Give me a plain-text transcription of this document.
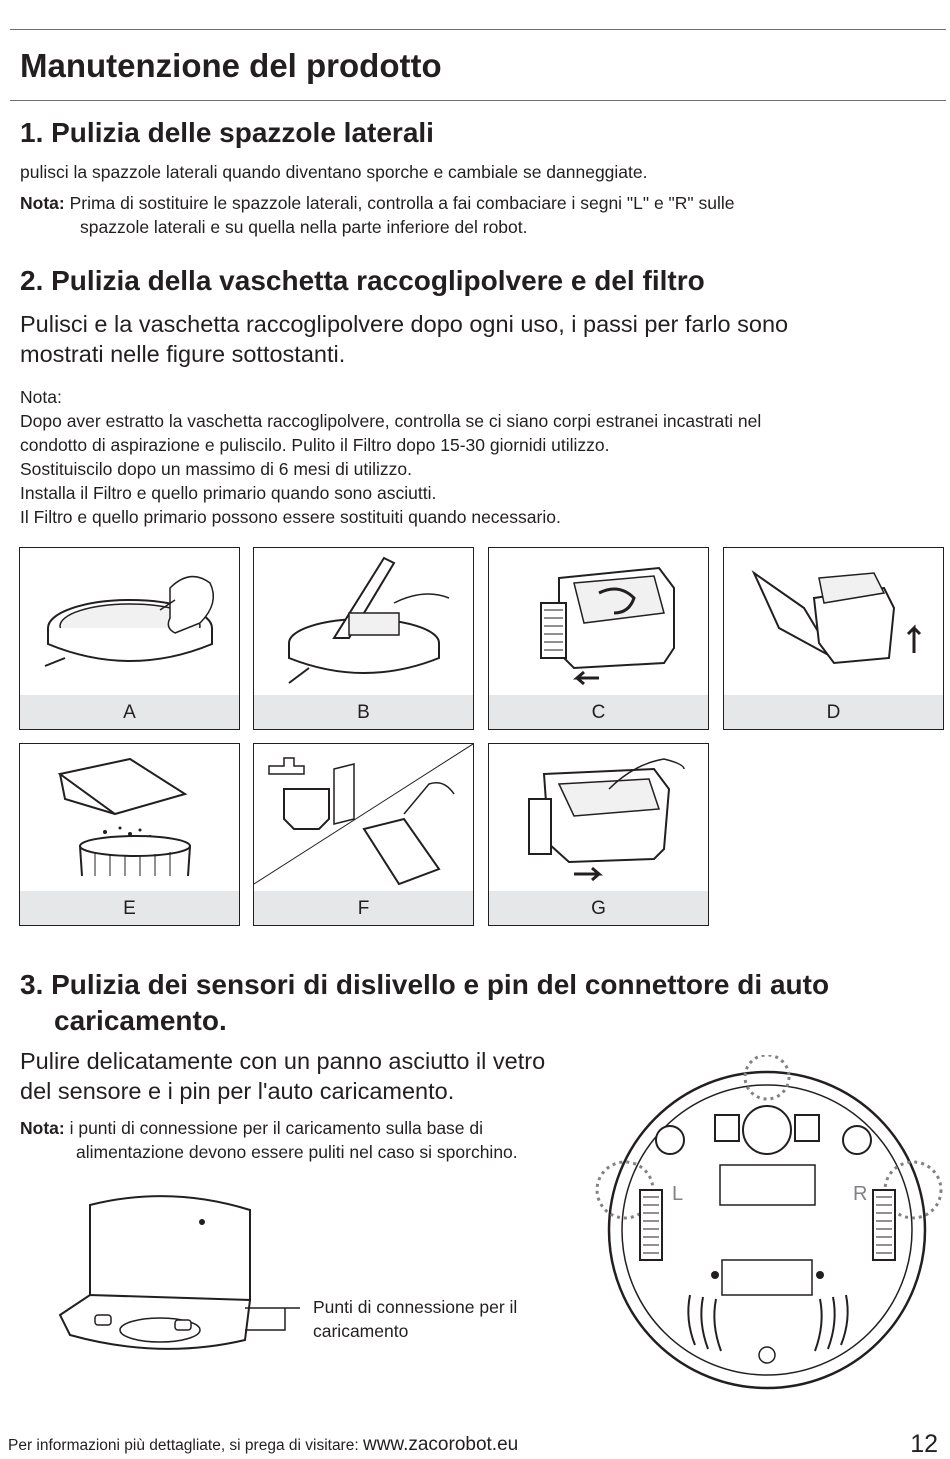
Manutenzione del prodotto
1. Pulizia delle spazzole laterali

pulisci la spazzole laterali quando diventano sporche e cambiale se danneggiate.

Nota: Prima di sostituire le spazzole laterali, controlla a fai combaciare i segni "L" e "R" sulle
spazzole laterali e su quella nella parte inferiore del robot.
2. Pulizia della vaschetta raccoglipolvere e del filtro
Pulisci e la vaschetta raccoglipolvere dopo ogni uso, i passi per farlo sono
mostrati nelle figure sottostanti.
Nota:
Dopo aver estratto la vaschetta raccoglipolvere, controlla se ci siano corpi estranei incastrati nel
condotto di aspirazione e puliscilo. Pulito il Filtro dopo 15-30 giornidi utilizzo.
Sostituiscilo dopo un massimo di 6 mesi di utilizzo.
Installa il Filtro e quello primario quando sono asciutti.
Il Filtro e quello primario possono essere sostituiti quando necessario.
A	B	C	D
E	F	G
3. Pulizia dei sensori di dislivello e pin del connettore di auto
caricamento.
Pulire delicatamente con un panno asciutto il vetro
del sensore e i pin per l'auto caricamento.
Nota: i punti di connessione per il caricamento sulla base di
alimentazione devono essere puliti nel caso si sporchino.
Punti di connessione per il
caricamento
L	R
Per informazioni più dettagliate, si prega di visitare: www.zacorobot.eu	12
